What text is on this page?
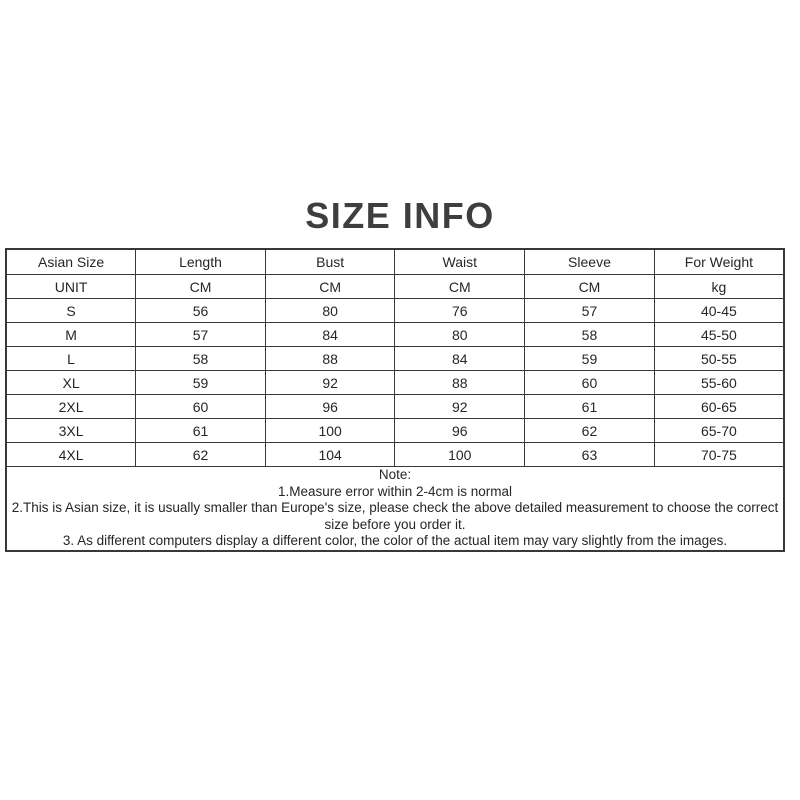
SIZE INFO
Asian Size	Length	Bust	Waist	Sleeve	For Weight
UNIT	CM	CM	CM	CM	kg
S	56	80	76	57	40-45
M	57	84	80	58	45-50
L	58	88	84	59	50-55
XL	59	92	88	60	55-60
2XL	60	96	92	61	60-65
3XL	61	100	96	62	65-70
4XL	62	104	100	63	70-75

Note:
1.Measure error within 2-4cm is normal
2.This is Asian size, it is usually smaller than Europe's size, please check the above detailed measurement to choose the correct size before you order it.
3. As different computers display a different color, the color of the actual item may vary slightly from the images.					
